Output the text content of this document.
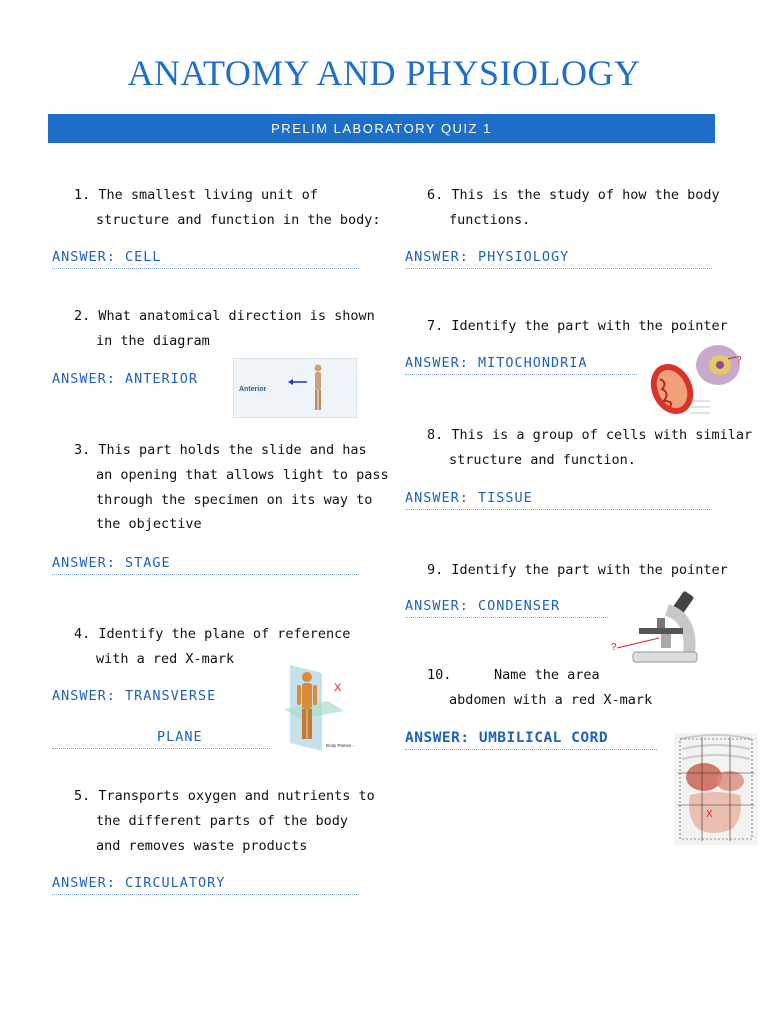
ANATOMY AND PHYSIOLOGY
PRELIM LABORATORY QUIZ 1
1. The smallest living unit of
structure and function in the body:
ANSWER: CELL
2. What anatomical direction is shown
in the diagram
ANSWER: ANTERIOR
Anterior
3. This part holds the slide and has
an opening that allows light to pass
through the specimen on its way to
the objective
ANSWER: STAGE
4. Identify the plane of reference
with a red X-mark
ANSWER: TRANSVERSE
PLANE
X
Body Planes -
5. Transports oxygen and nutrients to
the different parts of the body
and removes waste products
ANSWER: CIRCULATORY
6. This is the study of how the body
functions.
ANSWER: PHYSIOLOGY
7. Identify the part with the pointer
ANSWER: MITOCHONDRIA	?
8. This is a group of cells with similar
structure and function.
ANSWER: TISSUE
9. Identify the part with the pointer
ANSWER: CONDENSER
?
10.	Name the area
abdomen with a red X-mark
ANSWER: UMBILICAL CORD
X
